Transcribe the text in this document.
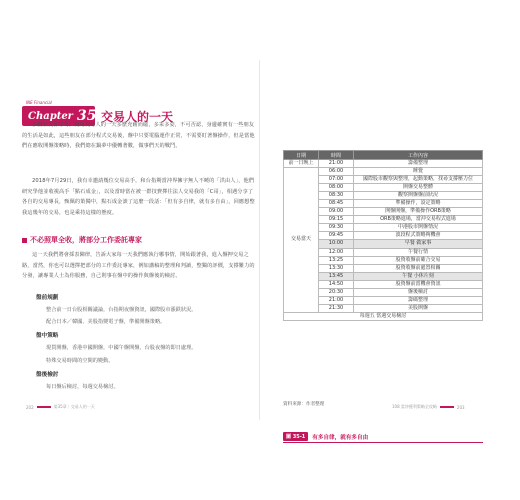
INE Financial
Chapter 35 交易人的一天

多數朋友會好奇，變用交易人的一天多麼充耐而磁，多采多姿，不可否認，身邊確實有一些朋友的生活是如此，這些朋友在部分程式交易後，盤中只要電腦運作正常，不需要盯著盤操作，但是當他們在應收開盤策略時，我們總在鍋夢中優轉著數，做事們天的戰鬥。

2018年7月29日，我有幸邀請幾位交易高手，和台指期當沖界擁字無人不曉的「洪由人」，他們研究學他並收視高手「點石成金」，以及當時當在被一群技費擇往法人交易我的「C哥」，相遇分享了各自的交易專長，甄佩的策獨中，點石成金談了這麼一段話：「但有多自律，就有多自由」，回應想整我這幾年的交易，也是乘持這樣的態度。

不必照單全收，將部分工作委託專家

這一天我們將會採表陳律，告訴大家每一天我們應執行哪事情，開始跟著我，進入盤押交易之路，當然，你也可以選擇把部分的工作委託專家，例如講稿的整理和判讀，整獨的評價，支撐難力的分發，讓專業人士為你服務，自己則事在盤中的操作與盤後的檢討。

盤前規劃
整合前一日台股相關議論，台指期夜盤資訊，國際股市漲跌狀況。
配合日本／韓國、美股指變電子盤，準備開盤策略。
盤中策略
現貨開盤，香港中國開盤，中國午盤開盤，台股夜盤的即日處理。
特殊交易時間的空間的變動。
盤後檢討
每日盤后檢討，每週交易檢討。
日期	時間	工作內容
前一日晚上	21:00	籌備整理
交易當天	06:00	睡覺
	07:00	國際股市觀察與整理，起動策略，找尋支撐壓力位
	08:00	開盤交易整體
	08:30	觀察開盤盤前狀況
	08:45	準備操作，設定策略
	09:00	開盤開盤，準備操作ORB策略
	09:15	ORB策略進場，當沖交易程式進場
	09:30	中港股市開盤情況
	09:45	波段程式策略夠機會
	10:00	早餐 做家事
	12:00	午餐行情
	13:25	股資收盤前確合交易
	13:30	股資收盤前處置相關
	13:45	午餐 小休片刻
	14:50	股資盤前當機會資訊
	20:30	盤後檢討
	21:00	籌碼整理
	21:30	美股開盤
每週五 當週交易檢討		
資料來源：作者整理
圖 35-1	有多自律，就有多自由
202	第35章｜交易人的一天	108 當沖獲利策略全攻略	203
